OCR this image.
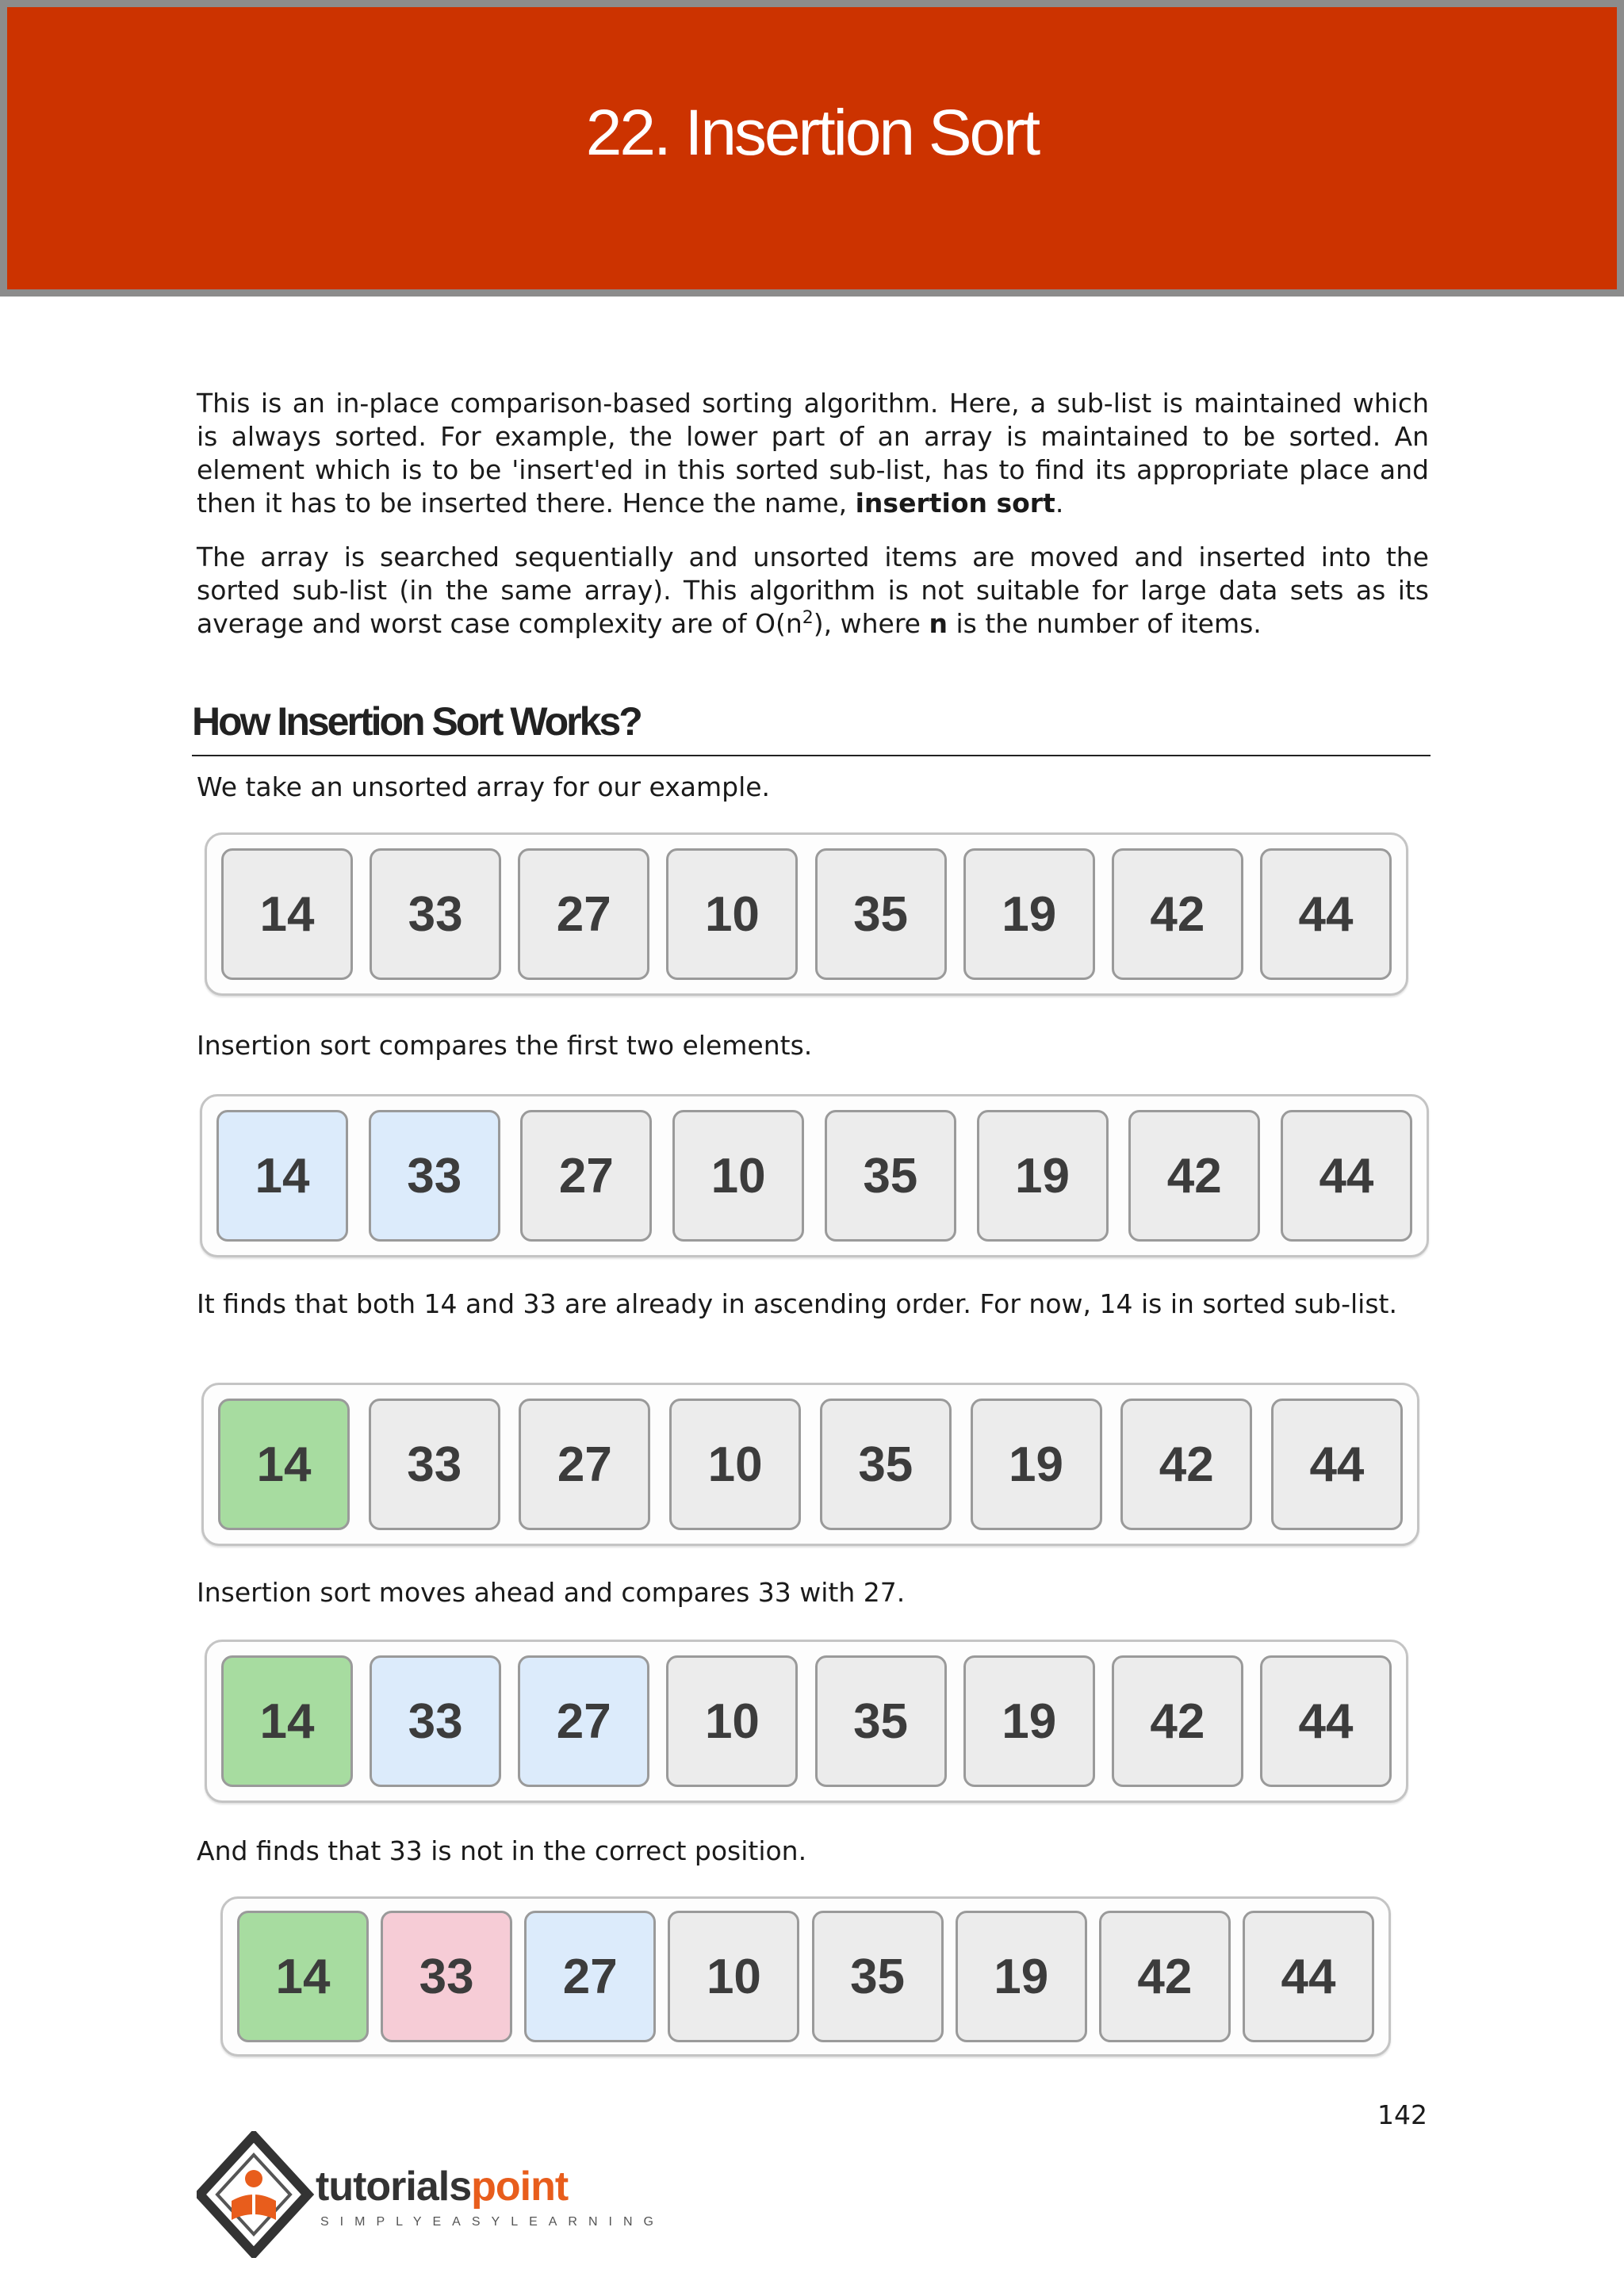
22. Insertion Sort

This is an in-place comparison-based sorting algorithm. Here, a sub-list is maintained which is always sorted. For example, the lower part of an array is maintained to be sorted. An element which is to be 'insert'ed in this sorted sub-list, has to find its appropriate place and then it has to be inserted there. Hence the name, insertion sort.

The array is searched sequentially and unsorted items are moved and inserted into the sorted sub-list (in the same array). This algorithm is not suitable for large data sets as its average and worst case complexity are of $O(n^2)$, where n is the number of items.

How Insertion Sort Works?

We take an unsorted array for our example.

14	33	27	10	35	19	42	44

Insertion sort compares the first two elements.

14	33	27	10	35	19	42	44

It finds that both 14 and 33 are already in ascending order. For now, 14 is in sorted sub-list.

14	33	27	10	35	19	42	44

Insertion sort moves ahead and compares 33 with 27.

14	33	27	10	35	19	42	44

And finds that 33 is not in the correct position.

14	33	27	10	35	19	42	44
142
tutorialspoint
SIMPLYEASYLEARNING
